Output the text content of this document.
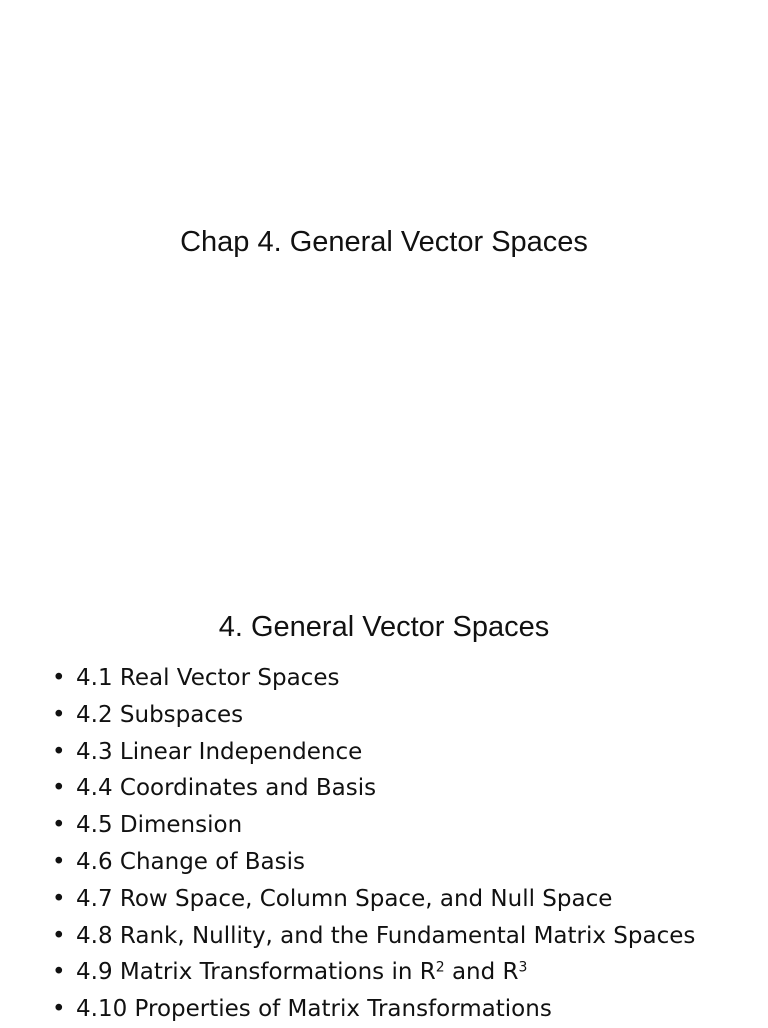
Chap 4. General Vector Spaces
4. General Vector Spaces
• 4.1 Real Vector Spaces
• 4.2 Subspaces
• 4.3 Linear Independence
• 4.4 Coordinates and Basis
• 4.5 Dimension
• 4.6 Change of Basis
• 4.7 Row Space, Column Space, and Null Space
• 4.8 Rank, Nullity, and the Fundamental Matrix Spaces
• 4.9 Matrix Transformations in $R^2$ and $R^3$
• 4.10 Properties of Matrix Transformations
